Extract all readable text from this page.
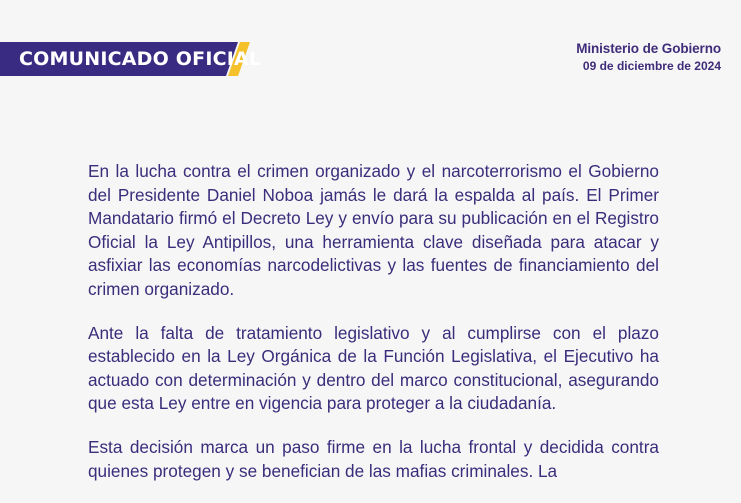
COMUNICADO OFICIAL	Ministerio de Gobierno
09 de diciembre de 2024

En la lucha contra el crimen organizado y el narcoterrorismo el Gobierno del Presidente Daniel Noboa jamás le dará la espalda al país. El Primer Mandatario firmó el Decreto Ley y envío para su publicación en el Registro Oficial la Ley Antipillos, una herramienta clave diseñada para atacar y asfixiar las economías narcodelictivas y las fuentes de financiamiento del crimen organizado.

Ante la falta de tratamiento legislativo y al cumplirse con el plazo establecido en la Ley Orgánica de la Función Legislativa, el Ejecutivo ha actuado con determinación y dentro del marco constitucional, asegurando que esta Ley entre en vigencia para proteger a la ciudadanía.

Esta decisión marca un paso firme en la lucha frontal y decidida contra quienes protegen y se benefician de las mafias criminales. La
